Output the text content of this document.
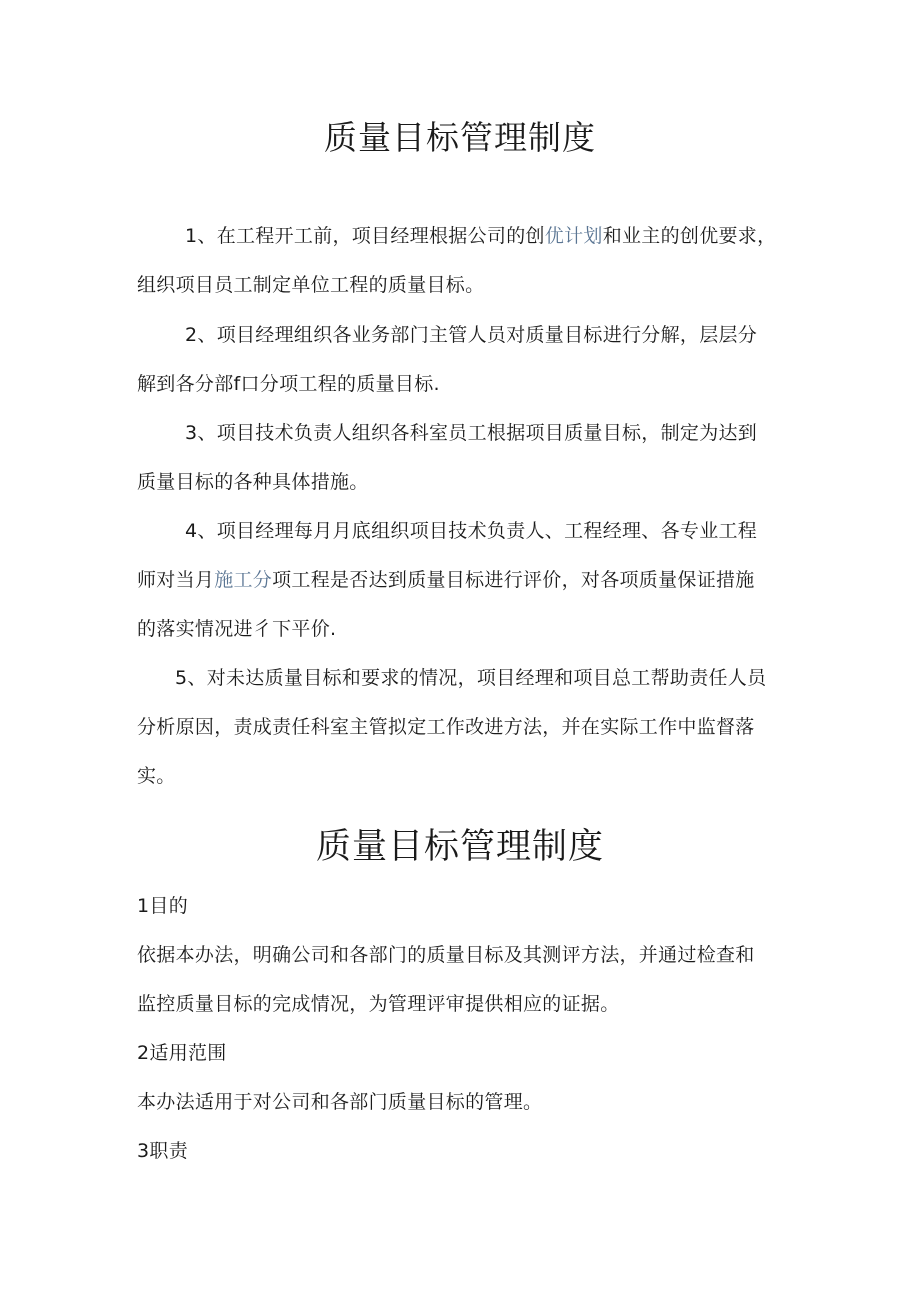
质量目标管理制度
1、在工程开工前，项目经理根据公司的创优计划和业主的创优要求，
组织项目员工制定单位工程的质量目标。
2、项目经理组织各业务部门主管人员对质量目标进行分解，层层分
解到各分部f口分项工程的质量目标.
3、项目技术负责人组织各科室员工根据项目质量目标，制定为达到
质量目标的各种具体措施。
4、项目经理每月月底组织项目技术负责人、工程经理、各专业工程
师对当月施工分项工程是否达到质量目标进行评价，对各项质量保证措施
的落实情况进彳下平价.
5、对未达质量目标和要求的情况，项目经理和项目总工帮助责任人员
分析原因，责成责任科室主管拟定工作改进方法，并在实际工作中监督落
实。
质量目标管理制度
1目的
依据本办法，明确公司和各部门的质量目标及其测评方法，并通过检查和
监控质量目标的完成情况，为管理评审提供相应的证据。
2适用范围
本办法适用于对公司和各部门质量目标的管理。
3职责
